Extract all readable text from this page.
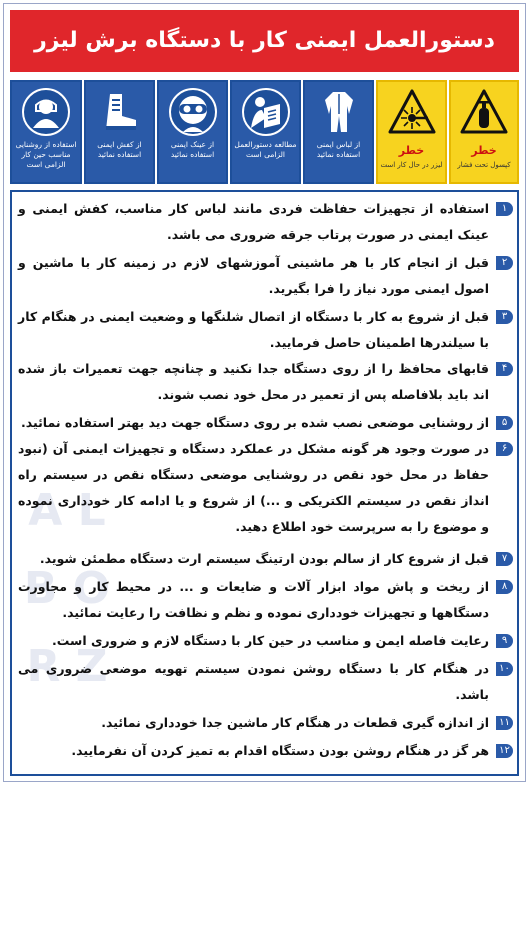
دستورالعمل ایمنی کار با دستگاه برش لیزر
استفاده از روشنایی مناسب حین کار الزامی است
از کفش ایمنی استفاده نمائید
از عینک ایمنی استفاده نمائید
مطالعه دستورالعمل الزامی است
از لباس ایمنی استفاده نمائید	خطر
لیزر در حال کار است
خطر
کپسول تحت فشار
A L B O R Z
۱
استفاده از تجهیزات حفاظت فردی مانند لباس کار مناسب، کفش ایمنی و عینک ایمنی در صورت پرتاب جرقه ضروری می باشد.
۲
قبل از انجام کار با هر ماشینی آموزشهای لازم در زمینه کار با ماشین و اصول ایمنی مورد نیاز را فرا بگیرید.
۳
قبل از شروع به کار با دستگاه از اتصال شلنگها و وضعیت ایمنی در هنگام کار با سیلندرها اطمینان حاصل فرمایید.
۴
قابهای محافظ را از روی دستگاه جدا نکنید و چنانچه جهت تعمیرات باز شده اند باید بلافاصله پس از تعمیر در محل خود نصب شوند.
۵
از روشنایی موضعی نصب شده بر روی دستگاه جهت دید بهتر استفاده نمائید.
۶
در صورت وجود هر گونه مشکل در عملکرد دستگاه و تجهیزات ایمنی آن (نبود حفاظ در محل خود نقص در روشنایی موضعی دستگاه نقص در سیستم راه انداز نقص در سیستم الکتریکی و ...) از شروع و یا ادامه کار خودداری نموده و موضوع را به سرپرست خود اطلاع دهید.
۷
قبل از شروع کار از سالم بودن ارتینگ سیستم ارت دستگاه مطمئن شوید.
۸
از ریخت و پاش مواد ابزار آلات و ضایعات و ... در محیط کار و مجاورت دستگاهها و تجهیزات خودداری نموده و نظم و نظافت را رعایت نمائید.
۹
رعایت فاصله ایمن و مناسب در حین کار با دستگاه لازم و ضروری است.
۱۰
در هنگام کار با دستگاه روشن نمودن سیستم تهویه موضعی ضروری می باشد.
۱۱
از اندازه گیری قطعات در هنگام کار ماشین جدا خودداری نمائید.
۱۲
هر گز در هنگام روشن بودن دستگاه اقدام به تمیز کردن آن نفرمایید.
